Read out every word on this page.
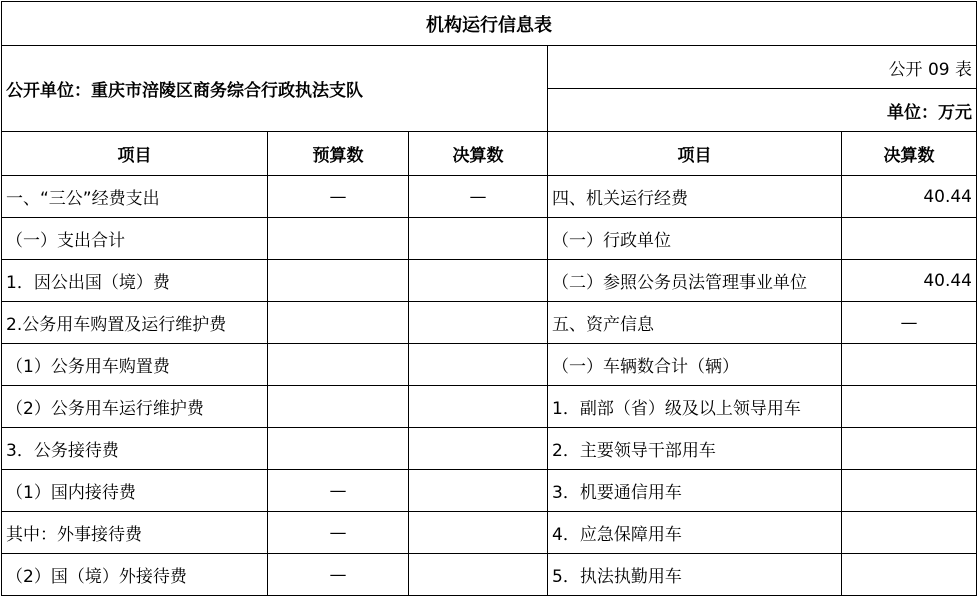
机构运行信息表				
公开单位：重庆市涪陵区商务综合行政执法支队			公开 09 表	
			单位：万元	
项目	预算数	决算数	项目	决算数
一、“三公”经费支出	—	—	四、机关运行经费	40.44
（一）支出合计			（一）行政单位	
1．因公出国（境）费			（二）参照公务员法管理事业单位	40.44
2.公务用车购置及运行维护费			五、资产信息	—
（1）公务用车购置费			（一）车辆数合计（辆）	
（2）公务用车运行维护费			1．副部（省）级及以上领导用车	
3．公务接待费			2．主要领导干部用车	
（1）国内接待费	—		3．机要通信用车	
其中：外事接待费	—		4．应急保障用车	
（2）国（境）外接待费	—		5．执法执勤用车	
